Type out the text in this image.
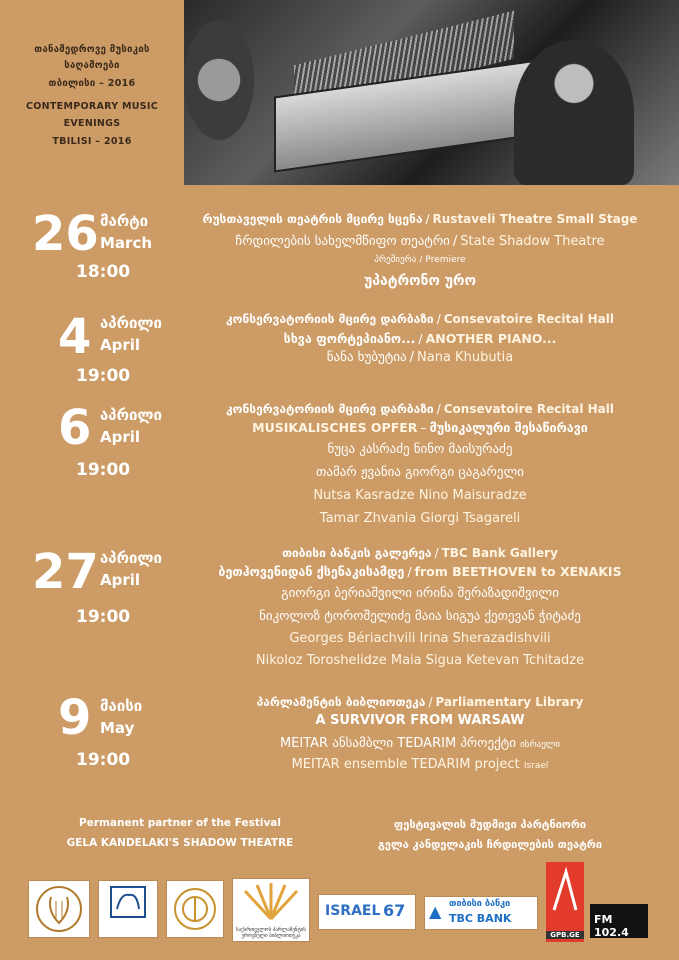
თანამედროვე მუსიკის
საღამოები
თბილისი – 2016
CONTEMPORARY MUSIC
EVENINGS
TBILISI – 2016
26 მარტი
March
18:00
რუსთაველის თეატრის მცირე სცენა / Rustaveli Theatre Small Stage
ჩრდილების სახელმწიფო თეატრი / State Shadow Theatre
პრემიერა / Premiere
უპატრონო ურო
4 აპრილი
April
19:00
კონსერვატორიის მცირე დარბაზი / Consevatoire Recital Hall
სხვა ფორტეპიანო... / ANOTHER PIANO...
ნანა ხუბუტია / Nana Khubutia
6 აპრილი
April
19:00
კონსერვატორიის მცირე დარბაზი / Consevatoire Recital Hall
MUSIKALISCHES OPFER – მუსიკალური შესაწირავი
ნუცა კასრაძე ნინო მაისურაძე
თამარ ჟვანია გიორგი ცაგარელი
Nutsa Kasradze Nino Maisuradze
Tamar Zhvania Giorgi Tsagareli
27 აპრილი
April
19:00
თიბისი ბანკის გალერეა / TBC Bank Gallery
ბეთჰოვენიდან ქსენაკისამდე / from BEETHOVEN to XENAKIS
გიორგი ბერიაშვილი ირინა შერაზადიშვილი
ნიკოლოზ ტოროშელიძე მაია სიგუა ქეთევან ჭიტაძე
Georges Bériachvili Irina Sherazadishvili
Nikoloz Toroshelidze Maia Sigua Ketevan Tchitadze
9 მაისი
May
19:00
პარლამენტის ბიბლიოთეკა / Parliamentary Library
A SURVIVOR FROM WARSAW
MEITAR ანსამბლი TEDARIM პროექტი ისრაელი
MEITAR ensemble TEDARIM project Israel
Permanent partner of the Festival
GELA KANDELAKI'S SHADOW THEATRE
ფესტივალის მუდმივი პარტნიორი
გელა კანდელაკის ჩრდილების თეატრი
საქართველოს პარლამენტის ეროვნული ბიბლიოთეკა
ISRAEL 67 ▲ თიბისი ბანკი
TBC BANK
GPB.GE
FM 102.4
